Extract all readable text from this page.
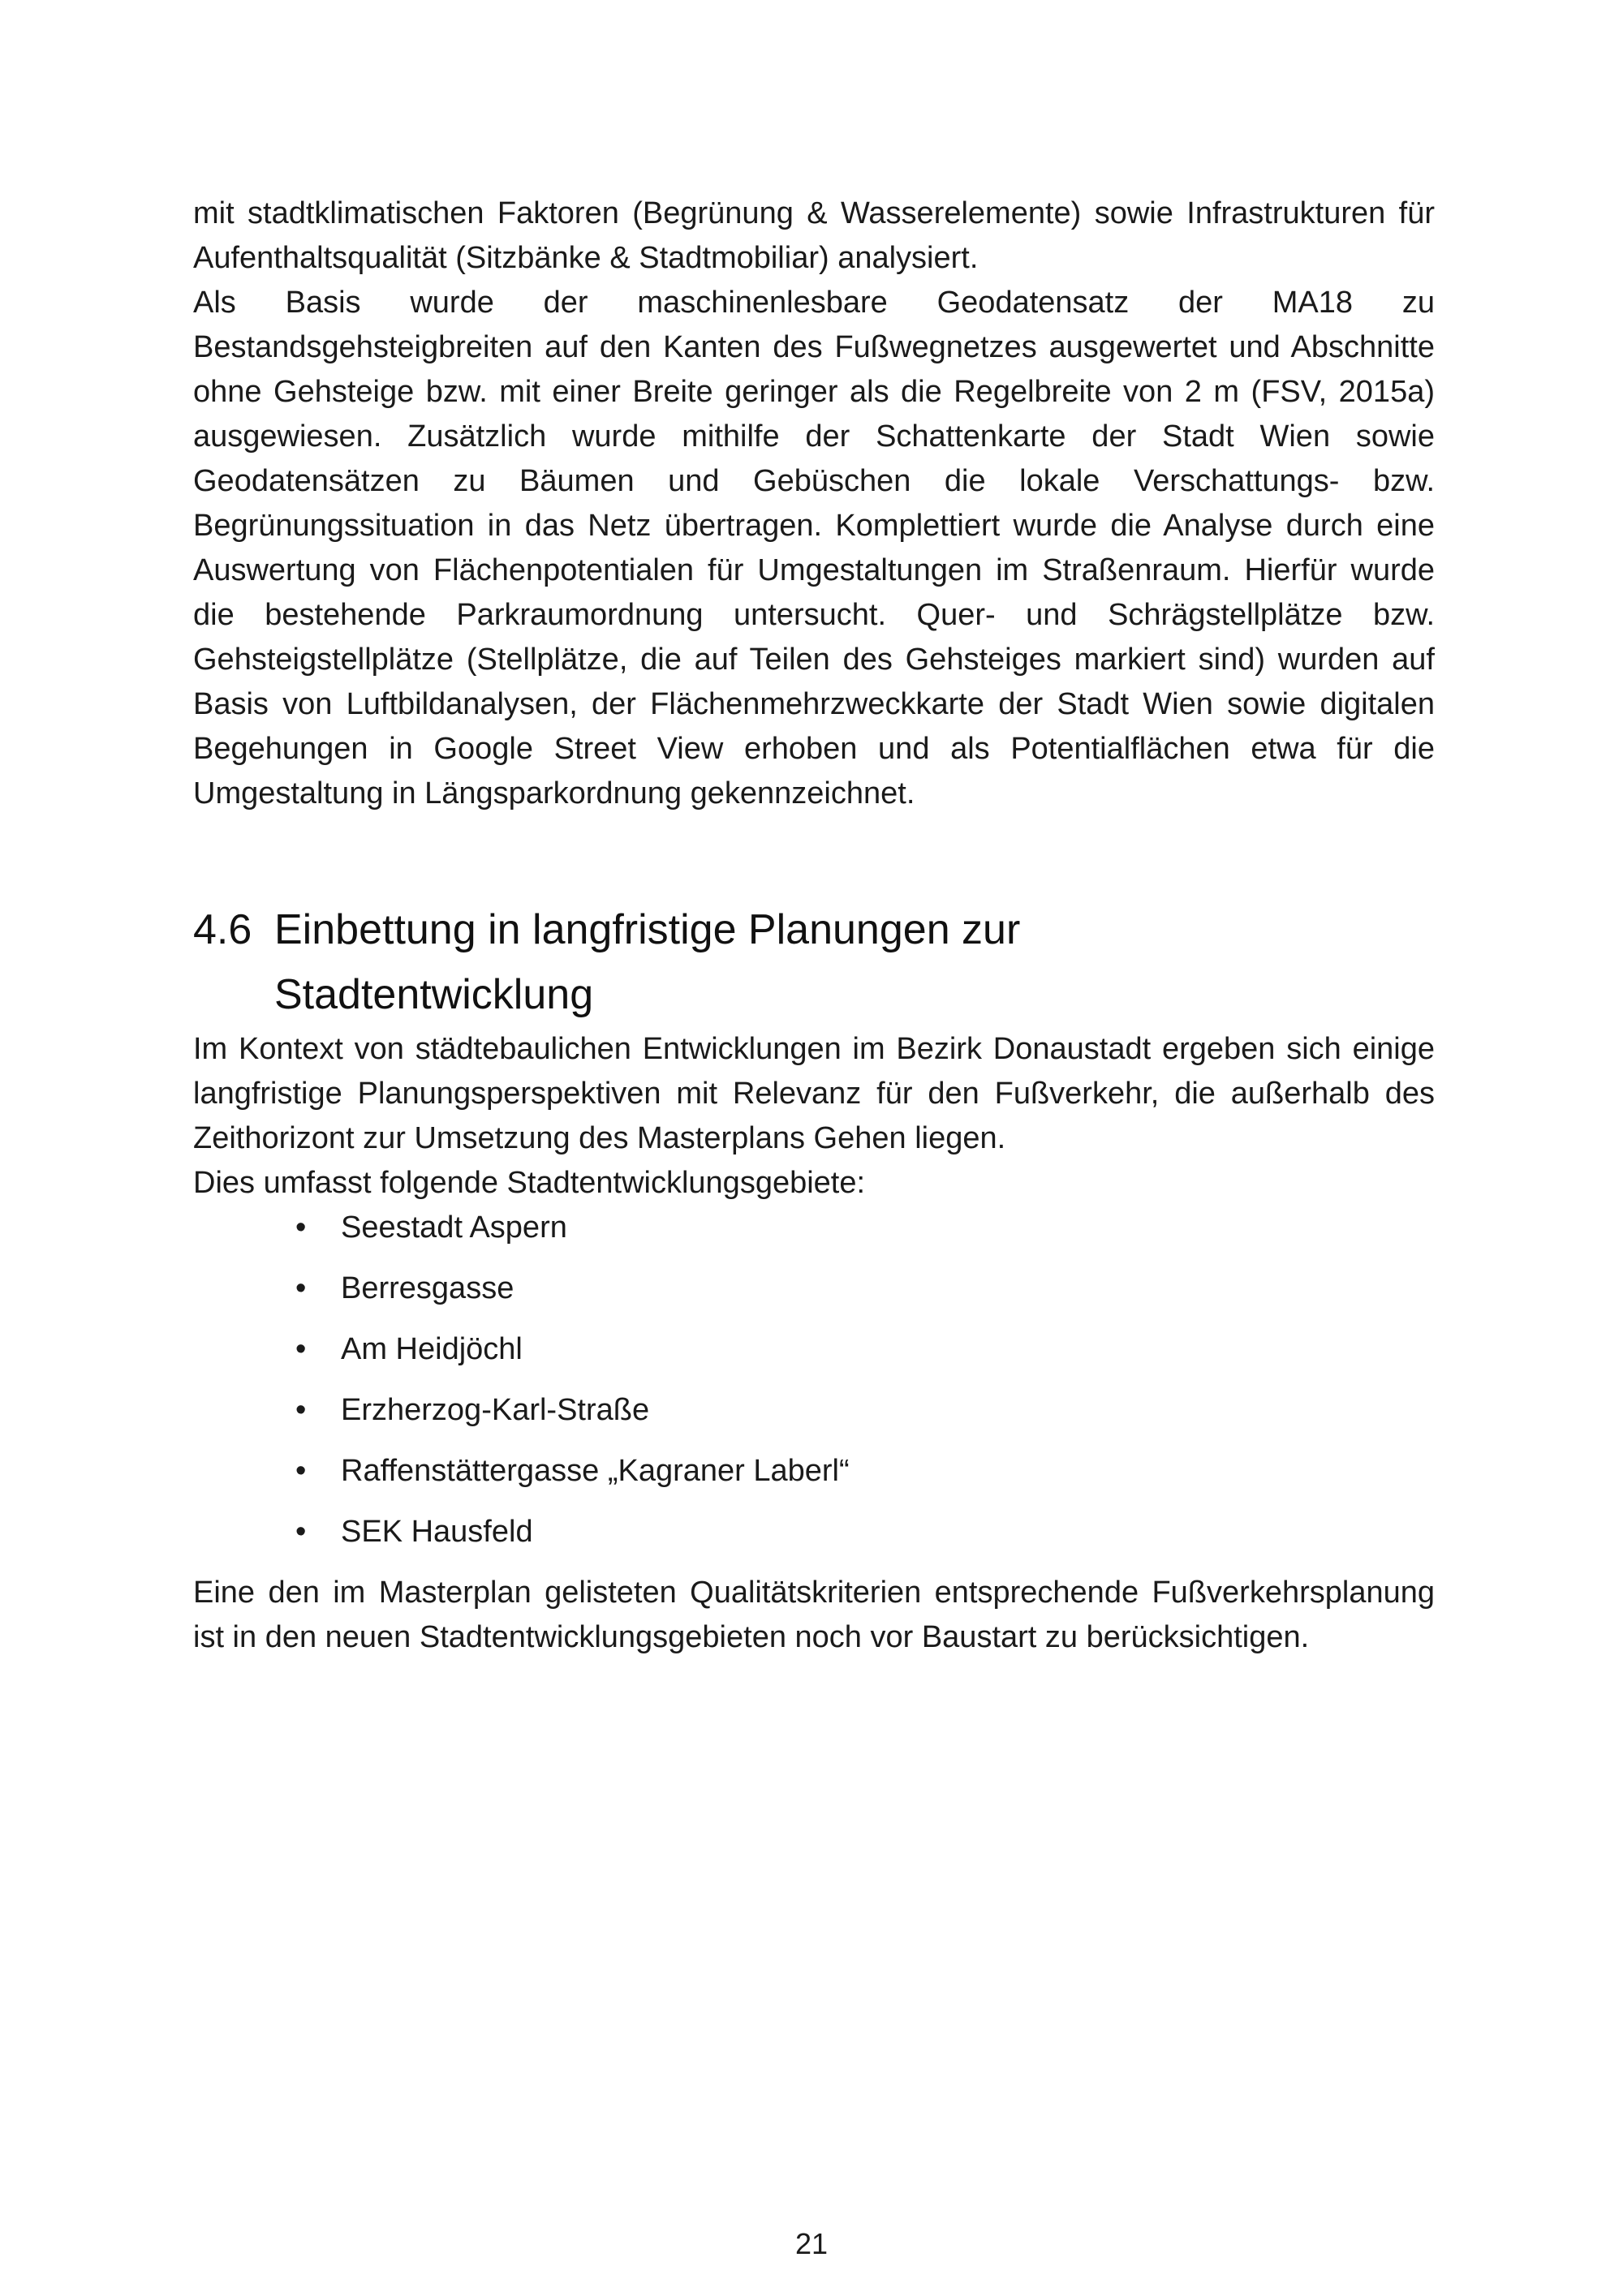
mit stadtklimatischen Faktoren (Begrünung & Wasserelemente) sowie Infrastrukturen für Aufenthaltsqualität (Sitzbänke & Stadtmobiliar) analysiert.

Als Basis wurde der maschinenlesbare Geodatensatz der MA18 zu Bestandsgehsteigbreiten auf den Kanten des Fußwegnetzes ausgewertet und Abschnitte ohne Gehsteige bzw. mit einer Breite geringer als die Regelbreite von 2 m (FSV, 2015a) ausgewiesen. Zusätzlich wurde mithilfe der Schattenkarte der Stadt Wien sowie Geodatensätzen zu Bäumen und Gebüschen die lokale Verschattungs- bzw. Begrünungssituation in das Netz übertragen. Komplettiert wurde die Analyse durch eine Auswertung von Flächenpotentialen für Umgestaltungen im Straßenraum. Hierfür wurde die bestehende Parkraumordnung untersucht. Quer- und Schrägstellplätze bzw. Gehsteigstellplätze (Stellplätze, die auf Teilen des Gehsteiges markiert sind) wurden auf Basis von Luftbildanalysen, der Flächenmehrzweckkarte der Stadt Wien sowie digitalen Begehungen in Google Street View erhoben und als Potentialflächen etwa für die Umgestaltung in Längsparkordnung gekennzeichnet.

4.6 Einbettung in langfristige Planungen zur Stadtentwicklung

Im Kontext von städtebaulichen Entwicklungen im Bezirk Donaustadt ergeben sich einige langfristige Planungsperspektiven mit Relevanz für den Fußverkehr, die außerhalb des Zeithorizont zur Umsetzung des Masterplans Gehen liegen.

Dies umfasst folgende Stadtentwicklungsgebiete:

• Seestadt Aspern
• Berresgasse
• Am Heidjöchl
• Erzherzog-Karl-Straße
• Raffenstättergasse „Kagraner Laberl“
• SEK Hausfeld

Eine den im Masterplan gelisteten Qualitätskriterien entsprechende Fußverkehrsplanung ist in den neuen Stadtentwicklungsgebieten noch vor Baustart zu berücksichtigen.

21
